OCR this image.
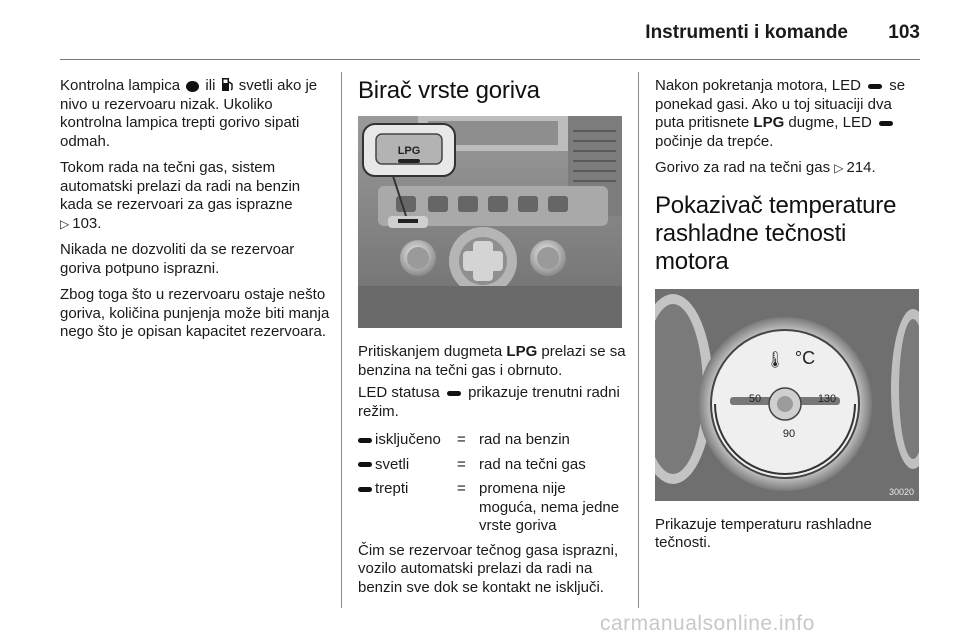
Instrumenti i komande 103

Kontrolna lampica ili svetli ako je nivo u rezervoaru nizak. Ukoliko kontrolna lampica trepti gorivo sipati odmah.

Tokom rada na tečni gas, sistem automatski prelazi da radi na benzin kada se rezervoari za gas isprazne
▷ 103.

Nikada ne dozvoliti da se rezervoar goriva potpuno isprazni.

Zbog toga što u rezervoaru ostaje nešto goriva, količina punjenja može biti manja nego što je opisan kapacitet rezervoara.

Birač vrste goriva
LPG

Pritiskanjem dugmeta LPG prelazi se sa benzina na tečni gas i obrnuto.

LED statusa prikazuje trenutni radni režim.

isključeno	= rad na benzin
svetli	= rad na tečni gas
trepti	= promena nije moguća, nema jedne vrste goriva

Čim se rezervoar tečnog gasa isprazni, vozilo automatski prelazi da radi na benzin sve dok se kontakt ne isključi.

Nakon pokretanja motora, LED se ponekad gasi. Ako u toj situaciji dva puta pritisnete LPG dugme, LED  počinje da trepće.

Gorivo za rad na tečni gas ▷ 214.

Pokazivač temperature rashladne tečnosti motora
°C
🌡
50
90
130
30020

Prikazuje temperaturu rashladne tečnosti.

carmanualsonline.info
